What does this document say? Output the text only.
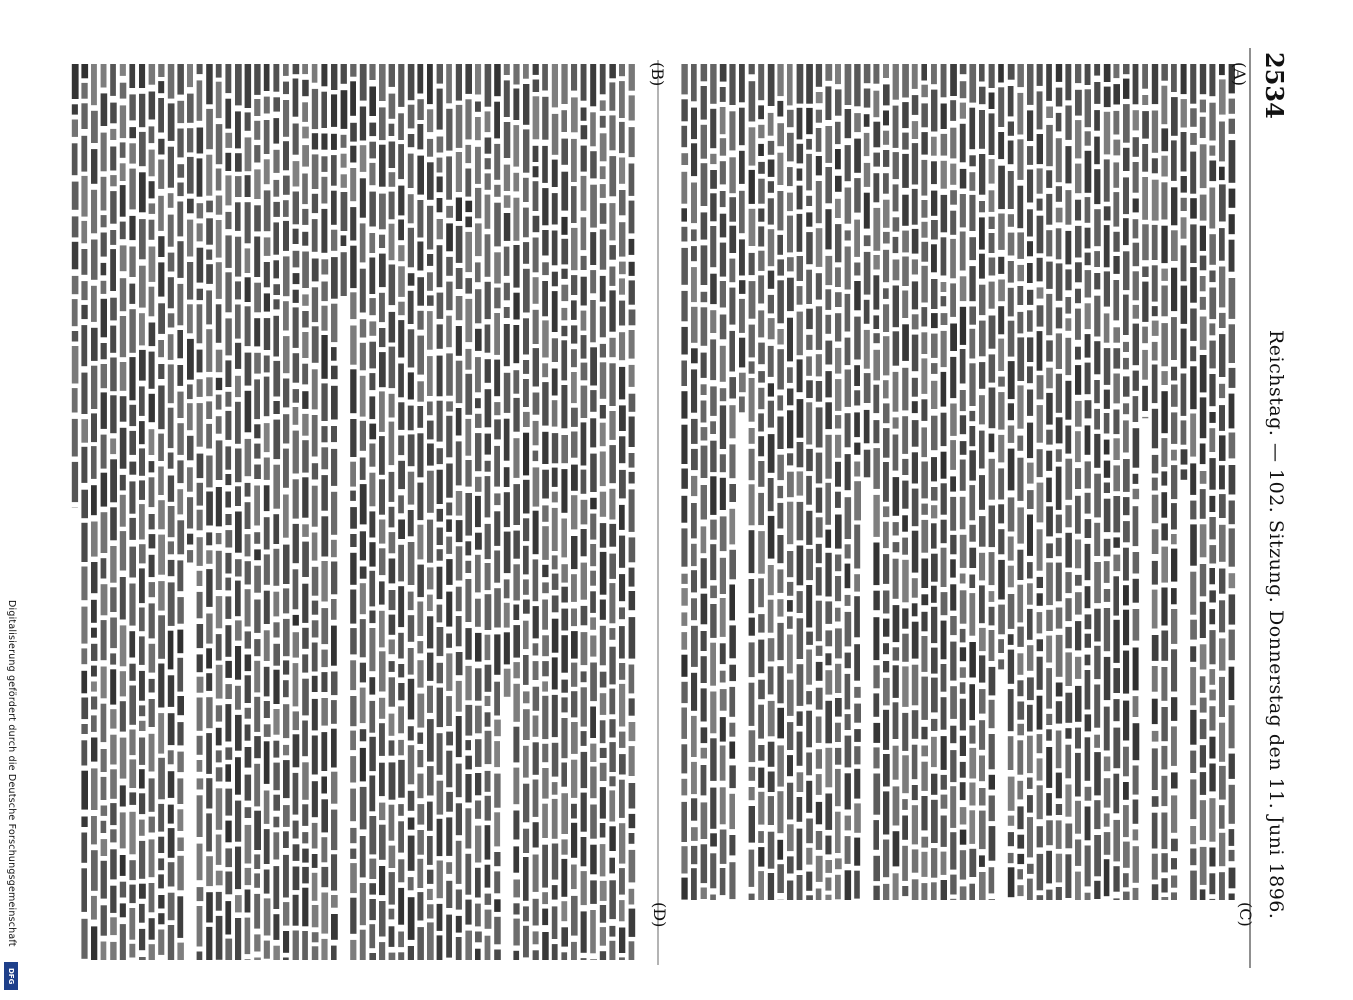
2534
Reichstag. — 102. Sitzung. Donnerstag den 11. Juni 1896.
(A)
(B)
(C)
(D)
Digitalisierung gefördert durch die Deutsche Forschungsgemeinschaft
DFG
